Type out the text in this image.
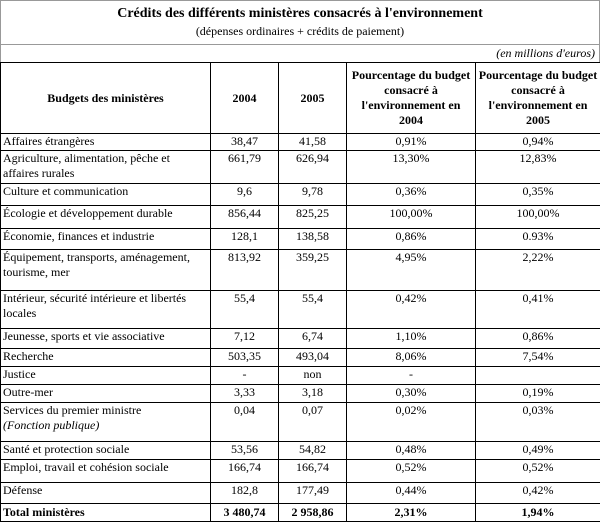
Crédits des différents ministères consacrés à l'environnement
(dépenses ordinaires + crédits de paiement)
(en millions d'euros)
Budgets des ministères	2004	2005	Pourcentage du budget consacré à l'environnement en 2004	Pourcentage du budget consacré à l'environnement en 2005
Affaires étrangères	38,47	41,58	0,91%	0,94%
Agriculture, alimentation, pêche et affaires rurales	661,79	626,94	13,30%	12,83%
Culture et communication	9,6	9,78	0,36%	0,35%
Écologie et développement durable	856,44	825,25	100,00%	100,00%
Économie, finances et industrie	128,1	138,58	0,86%	0.93%
Équipement, transports, aménagement, tourisme, mer	813,92	359,25	4,95%	2,22%
Intérieur, sécurité intérieure et libertés locales	55,4	55,4	0,42%	0,41%
Jeunesse, sports et vie associative	7,12	6,74	1,10%	0,86%
Recherche	503,35	493,04	8,06%	7,54%
Justice	-	non	-	
Outre-mer	3,33	3,18	0,30%	0,19%
Services du premier ministre
(Fonction publique)	0,04	0,07	0,02%	0,03%
Santé et protection sociale	53,56	54,82	0,48%	0,49%
Emploi, travail et cohésion sociale	166,74	166,74	0,52%	0,52%
Défense	182,8	177,49	0,44%	0,42%
Total ministères	3 480,74	2 958,86	2,31%	1,94%
